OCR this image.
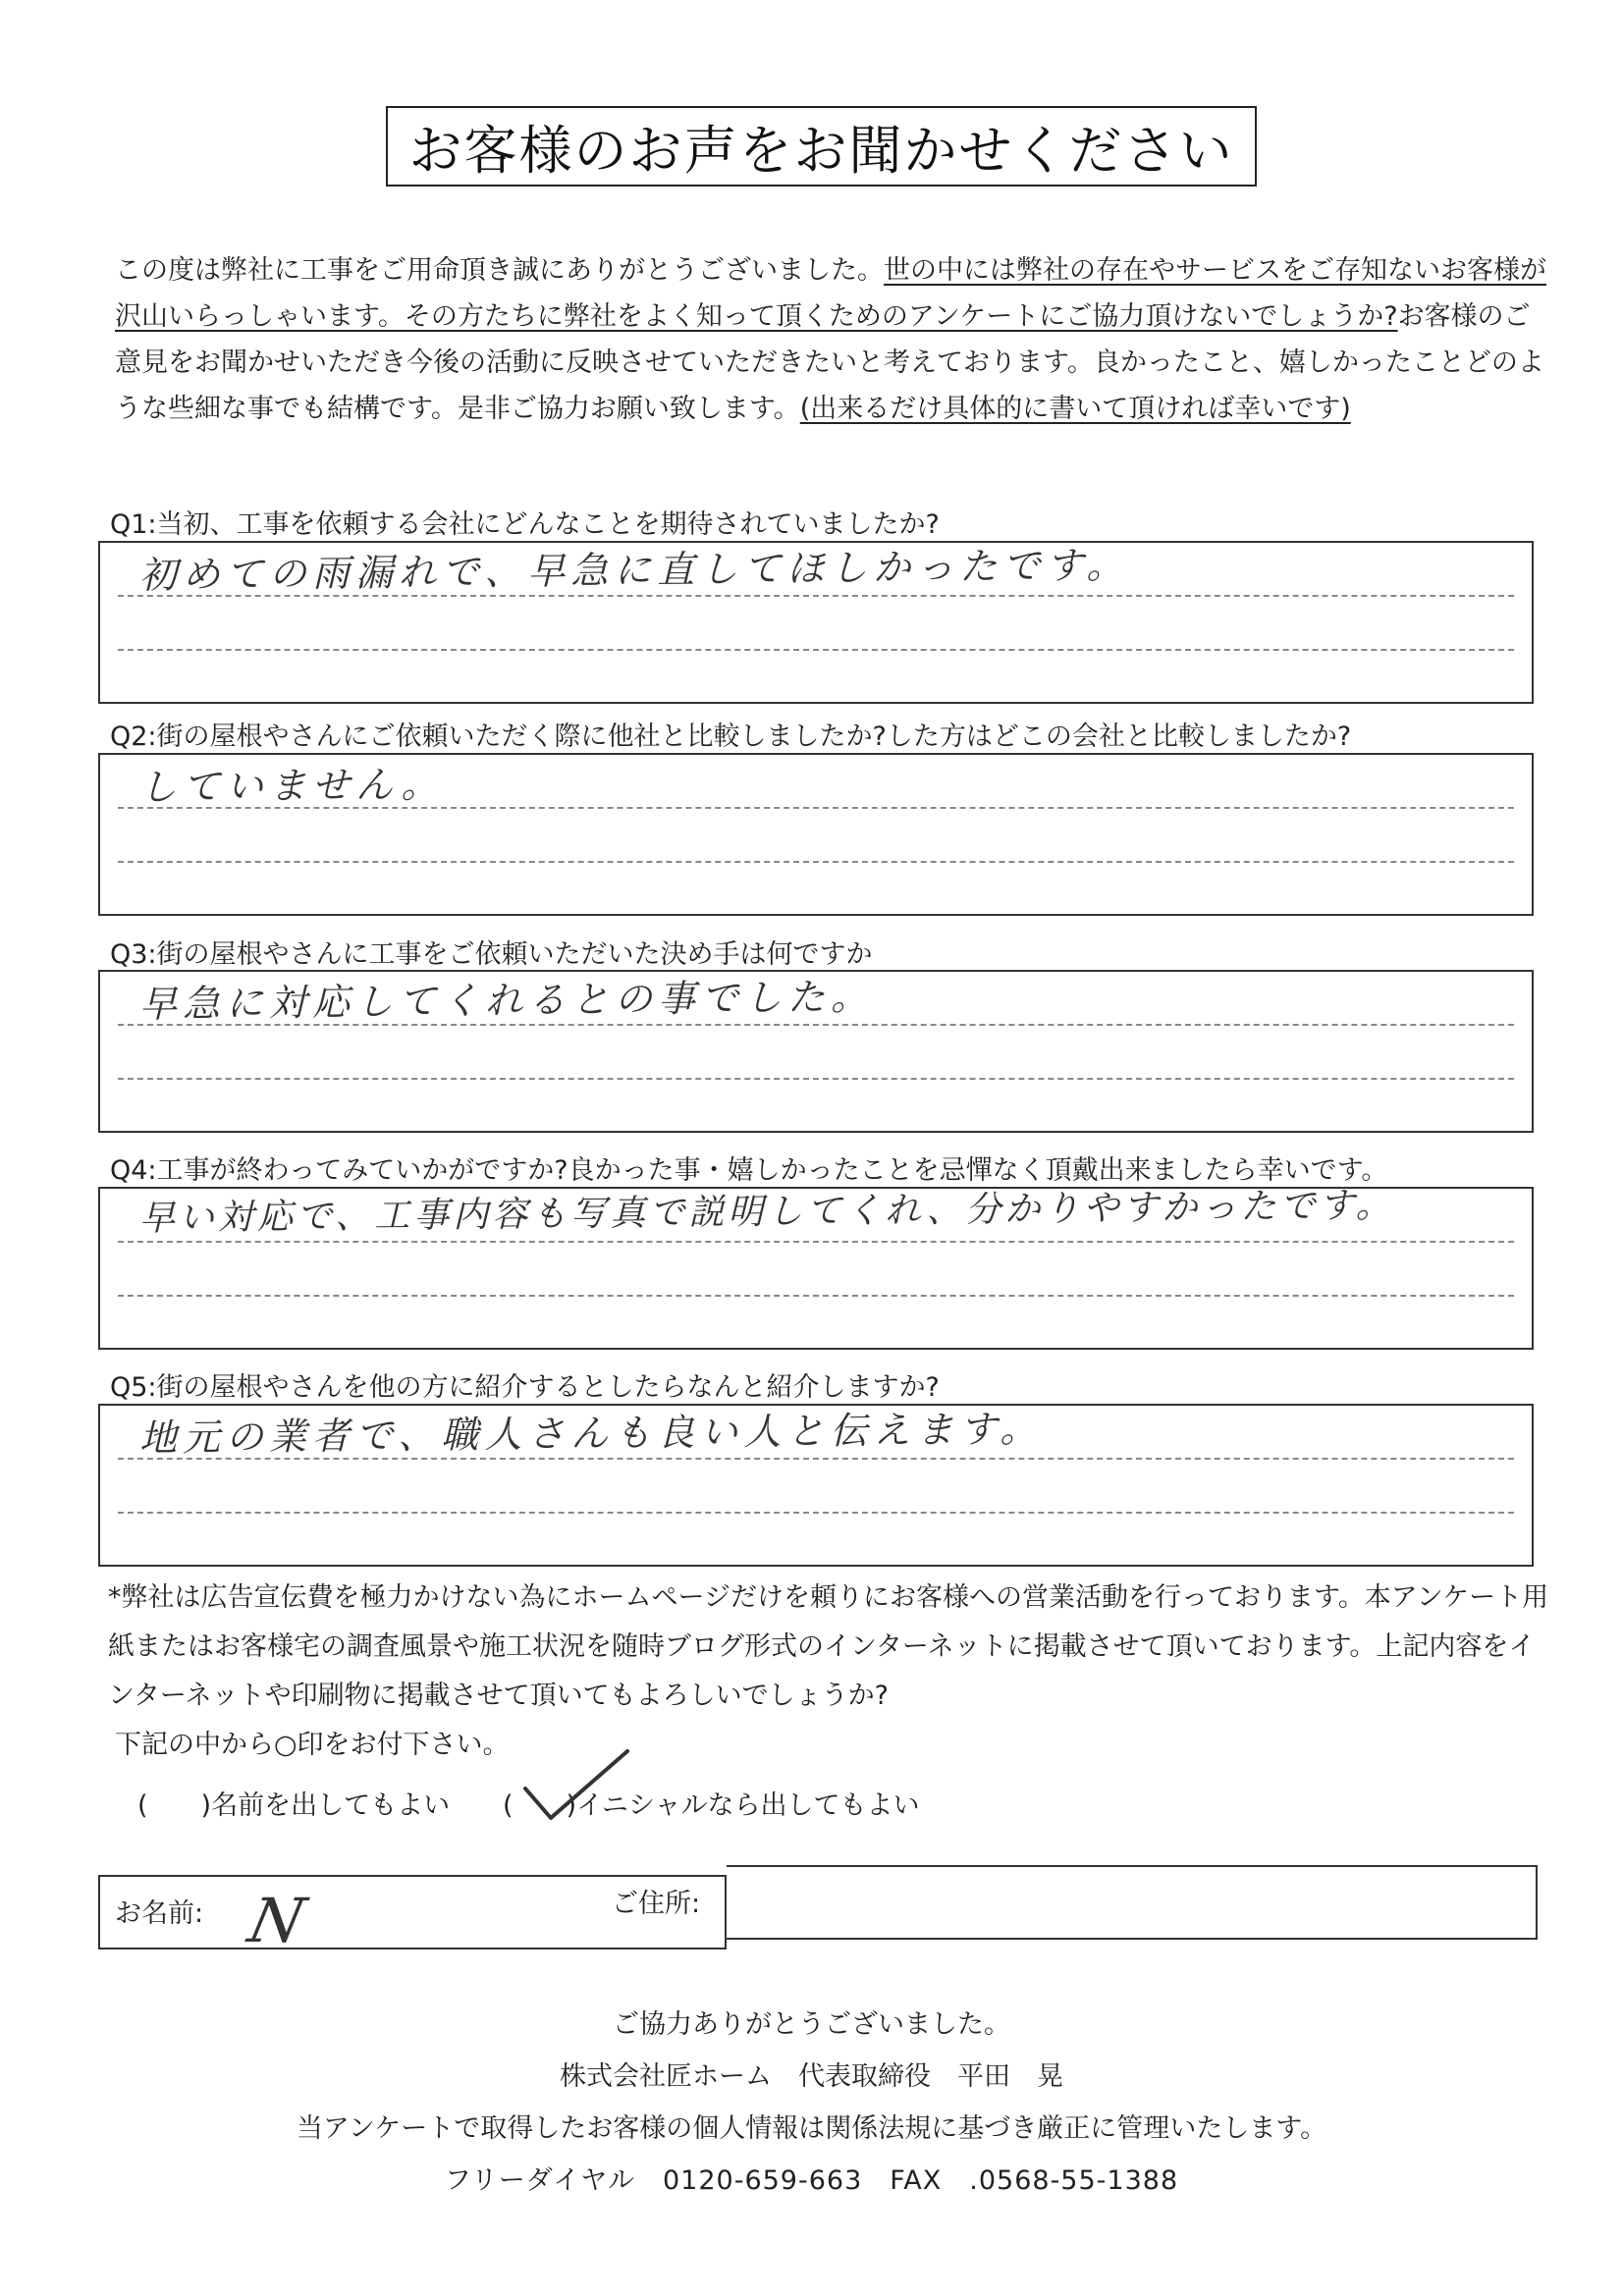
お客様のお声をお聞かせください
この度は弊社に工事をご用命頂き誠にありがとうございました。世の中には弊社の存在やサービスをご存知ないお客様が沢山いらっしゃいます。その方たちに弊社をよく知って頂くためのアンケートにご協力頂けないでしょうか?お客様のご意見をお聞かせいただき今後の活動に反映させていただきたいと考えております。良かったこと、嬉しかったことどのような些細な事でも結構です。是非ご協力お願い致します。(出来るだけ具体的に書いて頂ければ幸いです)
Q1:当初、工事を依頼する会社にどんなことを期待されていましたか?
初めての雨漏れで、早急に直してほしかったです。
Q2:街の屋根やさんにご依頼いただく際に他社と比較しましたか?した方はどこの会社と比較しましたか?
していません。
Q3:街の屋根やさんに工事をご依頼いただいた決め手は何ですか
早急に対応してくれるとの事でした。
Q4:工事が終わってみていかがですか?良かった事・嬉しかったことを忌憚なく頂戴出来ましたら幸いです。
早い対応で、工事内容も写真で説明してくれ、分かりやすかったです。
Q5:街の屋根やさんを他の方に紹介するとしたらなんと紹介しますか?
地元の業者で、職人さんも良い人と伝えます。
*弊社は広告宣伝費を極力かけない為にホームページだけを頼りにお客様への営業活動を行っております。本アンケート用紙またはお客様宅の調査風景や施工状況を随時ブログ形式のインターネットに掲載させて頂いております。上記内容をインターネットや印刷物に掲載させて頂いてもよろしいでしょうか?
下記の中から○印をお付下さい。
(　　)名前を出してもよい (　　)イニシャルなら出してもよい
お名前: N	ご住所:
ご協力ありがとうございました。
株式会社匠ホーム　代表取締役　平田　晃
当アンケートで取得したお客様の個人情報は関係法規に基づき厳正に管理いたします。
フリーダイヤル　0120-659-663　FAX　.0568-55-1388
